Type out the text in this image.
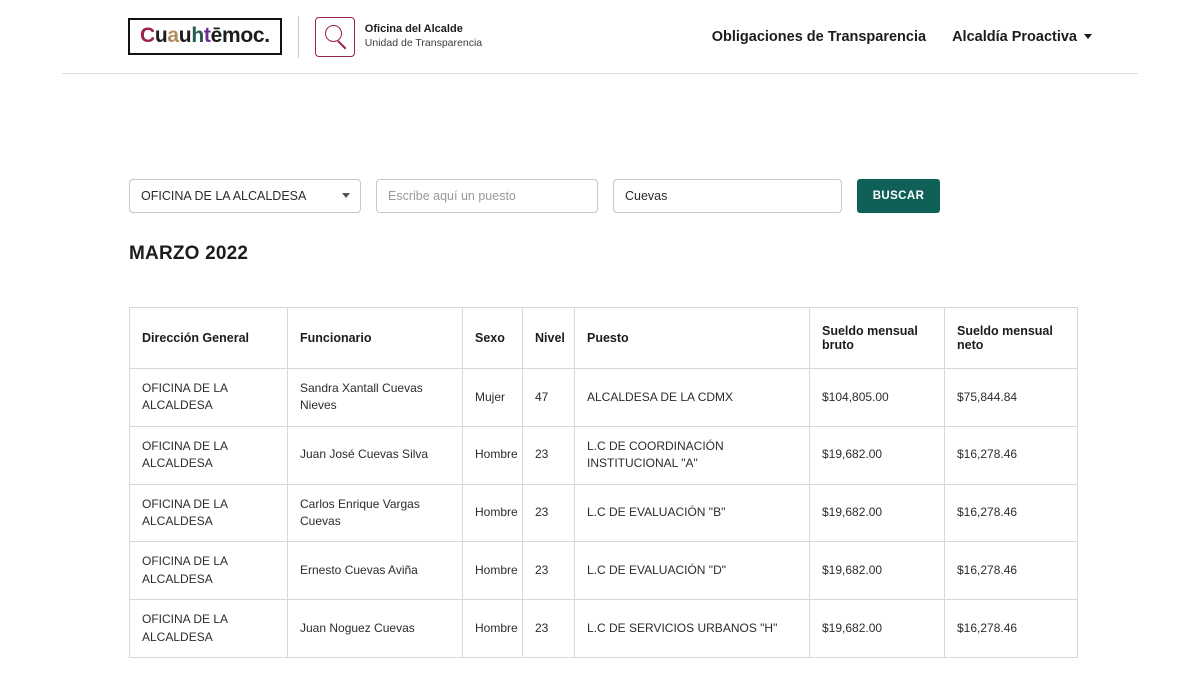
Cuauhtēmoc.	Oficina del Alcalde
Unidad de Transparencia	Obligaciones de Transparencia Alcaldía Proactiva
OFICINA DE LA ALCALDESA
Escribe aquí un puesto
Cuevas
BUSCAR
MARZO 2022
Dirección General	Funcionario	Sexo	Nivel	Puesto	Sueldo mensual bruto	Sueldo mensual neto
OFICINA DE LA ALCALDESA	Sandra Xantall Cuevas Nieves	Mujer	47	ALCALDESA DE LA CDMX	$104,805.00	$75,844.84
OFICINA DE LA ALCALDESA	Juan José Cuevas Silva	Hombre	23	L.C DE COORDINACIÓN INSTITUCIONAL "A"	$19,682.00	$16,278.46
OFICINA DE LA ALCALDESA	Carlos Enrique Vargas Cuevas	Hombre	23	L.C DE EVALUACIÓN "B"	$19,682.00	$16,278.46
OFICINA DE LA ALCALDESA	Ernesto Cuevas Aviña	Hombre	23	L.C DE EVALUACIÓN "D"	$19,682.00	$16,278.46
OFICINA DE LA ALCALDESA	Juan Noguez Cuevas	Hombre	23	L.C DE SERVICIOS URBANOS "H"	$19,682.00	$16,278.46
